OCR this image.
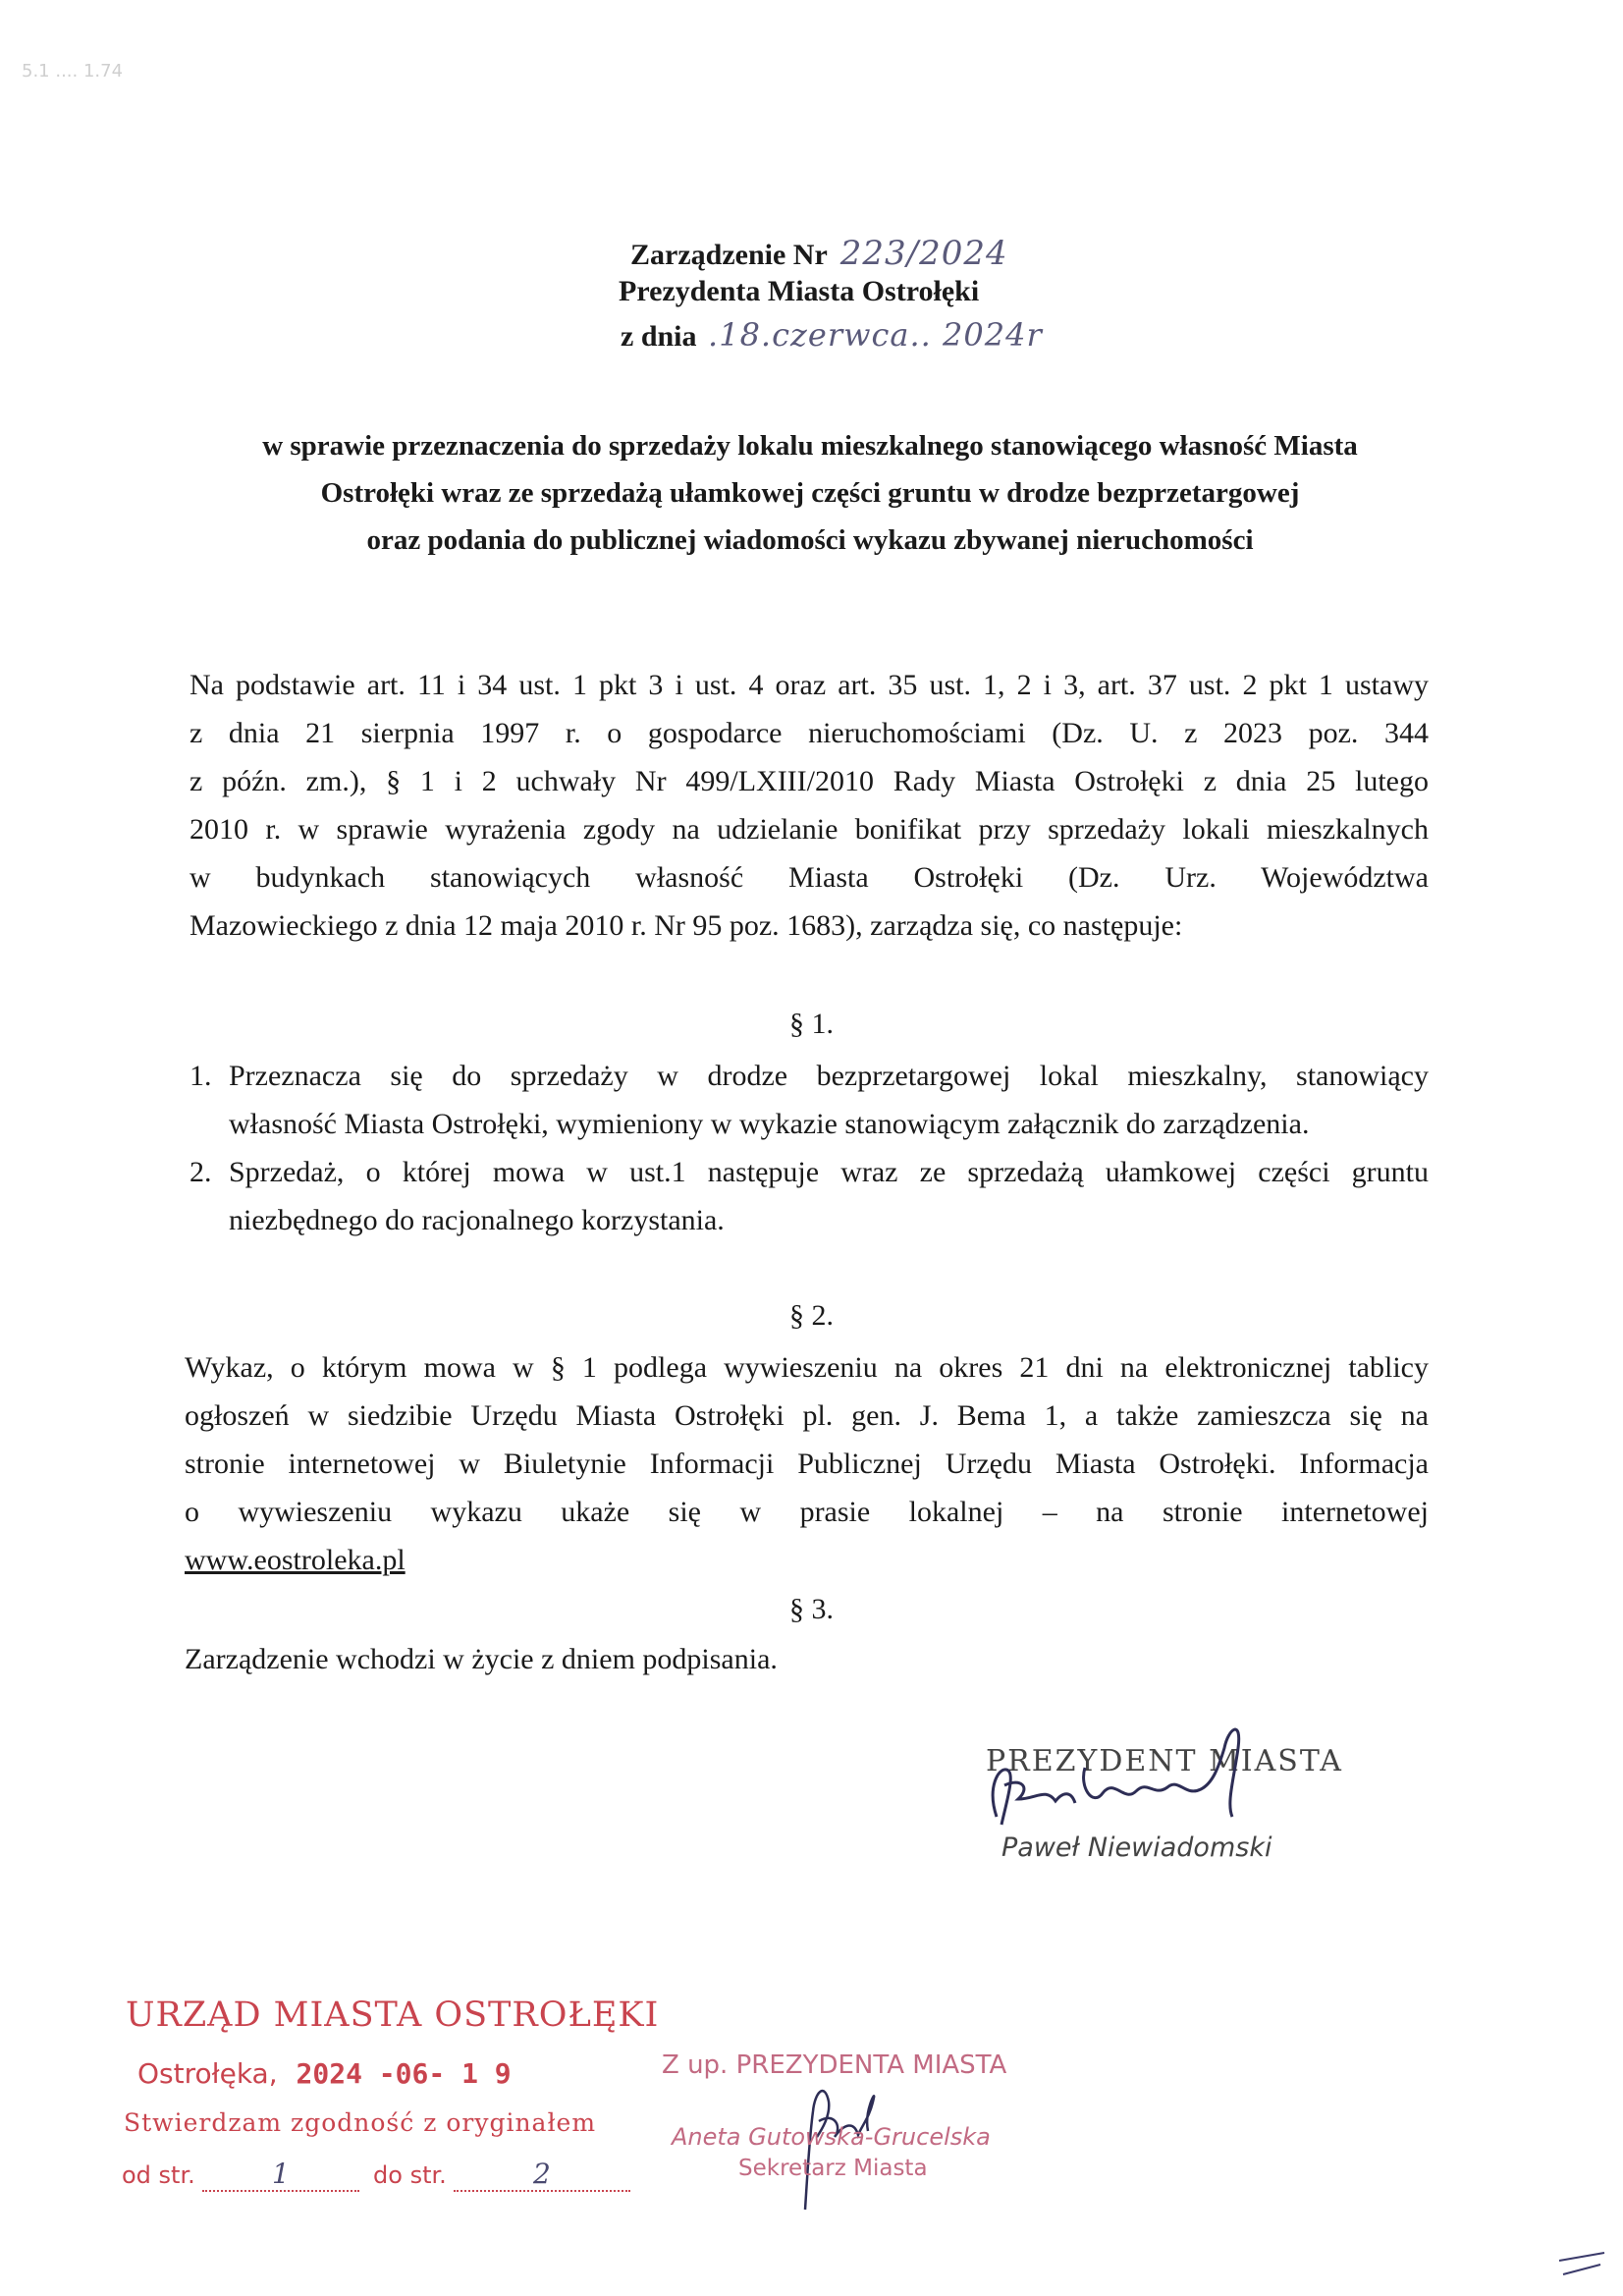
5.1 .... 1.74
Zarządzenie Nr 223/2024
Prezydenta Miasta Ostrołęki
z dnia .18.czerwca.. 2024r
w sprawie przeznaczenia do sprzedaży lokalu mieszkalnego stanowiącego własność Miasta
Ostrołęki wraz ze sprzedażą ułamkowej części gruntu w drodze bezprzetargowej
oraz podania do publicznej wiadomości wykazu zbywanej nieruchomości
Na podstawie art. 11 i 34 ust. 1 pkt 3 i ust. 4 oraz art. 35 ust. 1, 2 i 3, art. 37 ust. 2 pkt 1 ustawy
z dnia 21 sierpnia 1997 r. o gospodarce nieruchomościami (Dz. U. z 2023 poz. 344
z późn. zm.), § 1 i 2 uchwały Nr 499/LXIII/2010 Rady Miasta Ostrołęki z dnia 25 lutego
2010 r. w sprawie wyrażenia zgody na udzielanie bonifikat przy sprzedaży lokali mieszkalnych
w budynkach stanowiących własność Miasta Ostrołęki (Dz. Urz. Województwa
Mazowieckiego z dnia 12 maja 2010 r. Nr 95 poz. 1683), zarządza się, co następuje:
§ 1.
1. Przeznacza się do sprzedaży w drodze bezprzetargowej lokal mieszkalny, stanowiący
własność Miasta Ostrołęki, wymieniony w wykazie stanowiącym załącznik do zarządzenia.
2. Sprzedaż, o której mowa w ust.1 następuje wraz ze sprzedażą ułamkowej części gruntu
niezbędnego do racjonalnego korzystania.
§ 2.
Wykaz, o którym mowa w § 1 podlega wywieszeniu na okres 21 dni na elektronicznej tablicy
ogłoszeń w siedzibie Urzędu Miasta Ostrołęki pl. gen. J. Bema 1, a także zamieszcza się na
stronie internetowej w Biuletynie Informacji Publicznej Urzędu Miasta Ostrołęki. Informacja
o wywieszeniu wykazu ukaże się w prasie lokalnej – na stronie internetowej
www.eostroleka.pl
§ 3.
Zarządzenie wchodzi w życie z dniem podpisania.
PREZYDENT MIASTA
Paweł Niewiadomski
URZĄD MIASTA OSTROŁĘKI
Ostrołęka, 2024 -06- 1 9
Stwierdzam zgodność z oryginałem
od str.	1	do str.	2
Z up. PREZYDENTA MIASTA
Aneta Gutowska-Grucelska
Sekretarz Miasta
